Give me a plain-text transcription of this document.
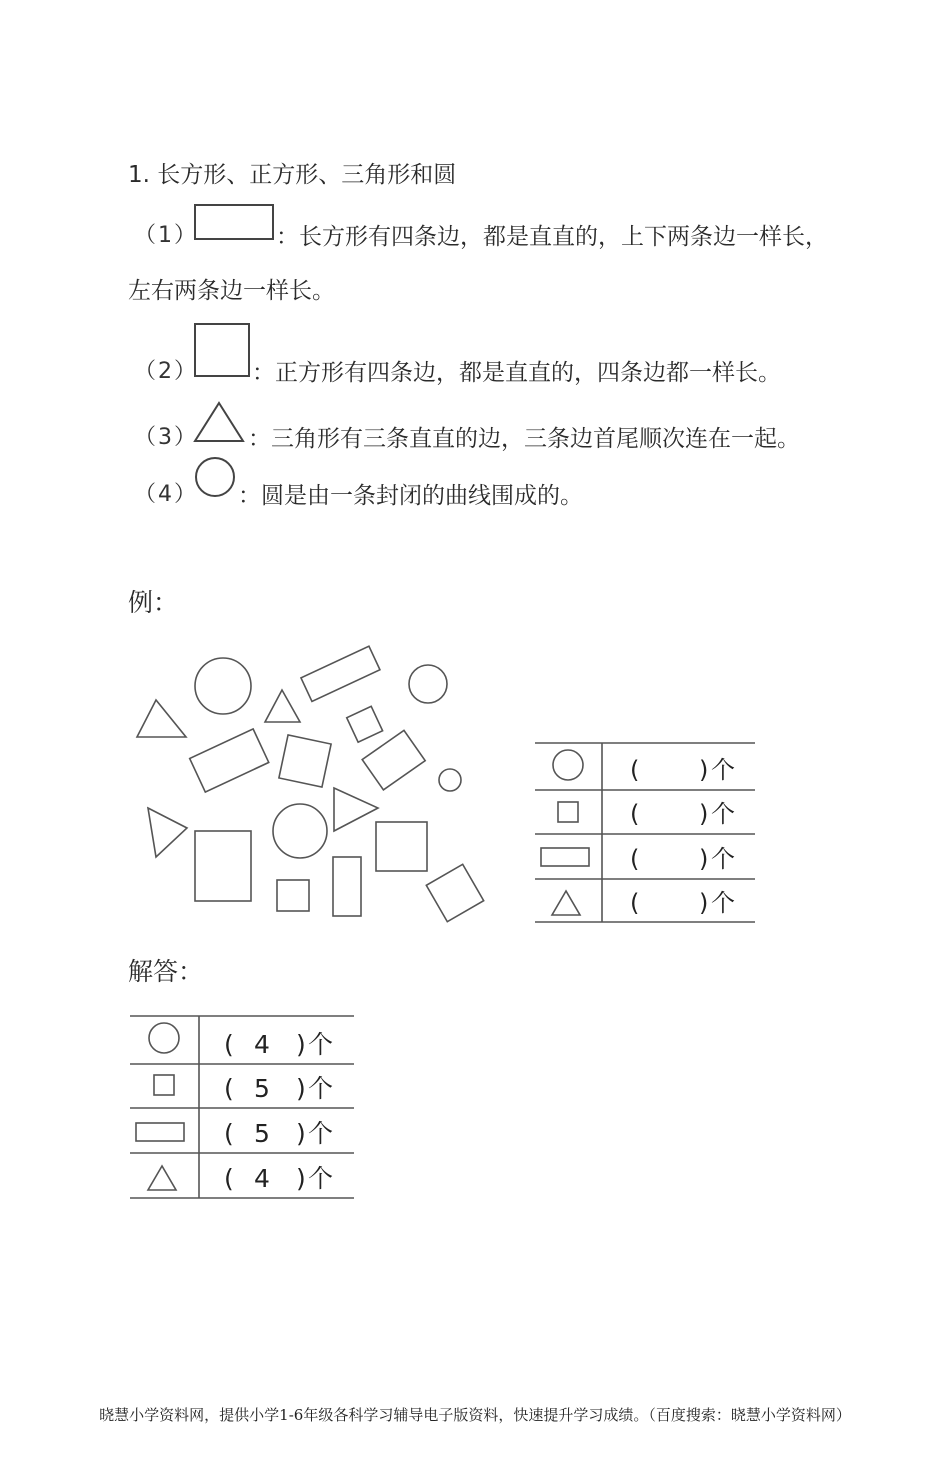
1. 长方形、正方形、三角形和圆
（1）	：长方形有四条边，都是直直的，上下两条边一样长，
左右两条边一样长。
（2） ：正方形有四条边，都是直直的，四条边都一样长。
（3） ：三角形有三条直直的边，三条边首尾顺次连在一起。
（4） ：圆是由一条封闭的曲线围成的。
例：
( ) 个
( ) 个
( ) 个
( ) 个
解答：
( 4 ) 个
( 5 ) 个
( 5 ) 个
( 4 ) 个
晓慧小学资料网，提供小学1-6年级各科学习辅导电子版资料，快速提升学习成绩。（百度搜索：晓慧小学资料网）
